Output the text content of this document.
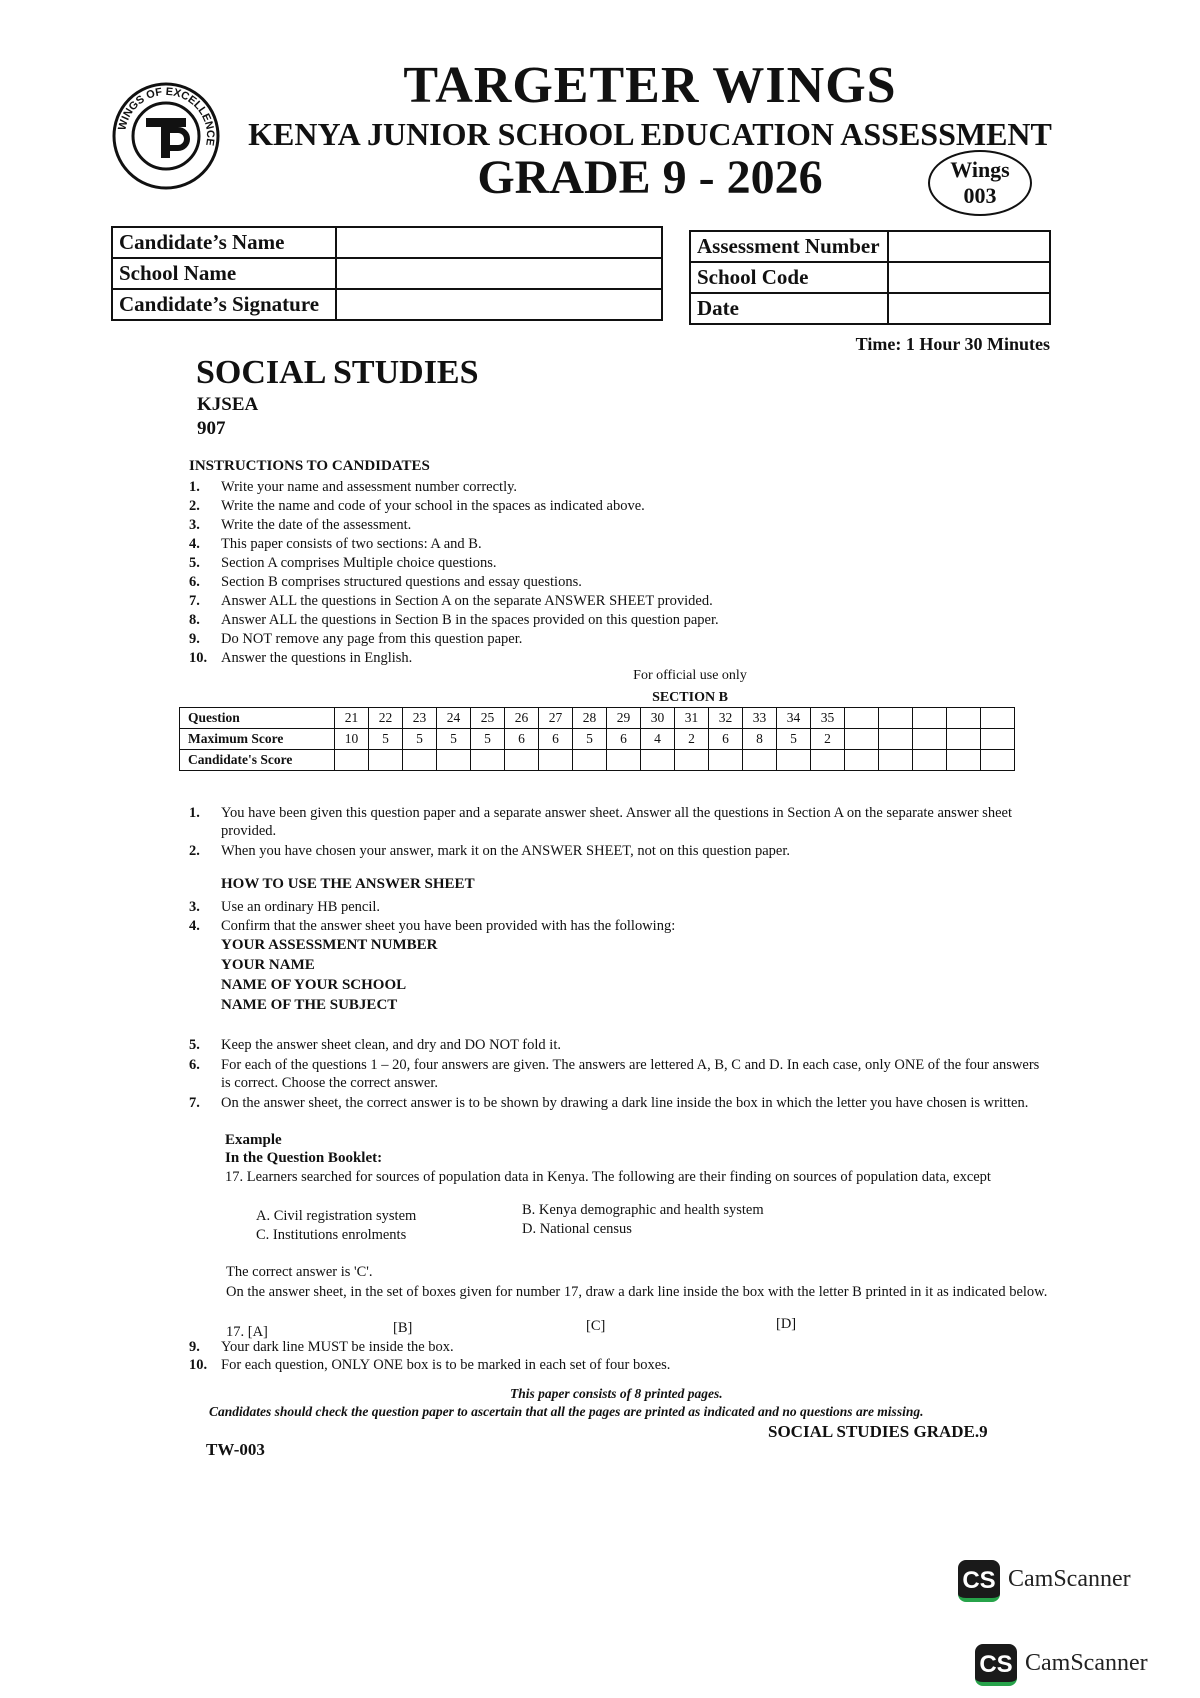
WINGS OF EXCELLENCE
TARGETER WINGS
KENYA JUNIOR SCHOOL EDUCATION ASSESSMENT
GRADE 9 - 2026	Wings
003
Candidate’s Name	
School Name	
Candidate’s Signature	
Assessment Number	
School Code	
Date	
Time: 1 Hour 30 Minutes
SOCIAL STUDIES
KJSEA
907
INSTRUCTIONS TO CANDIDATES
1. Write your name and assessment number correctly.
2. Write the name and code of your school in the spaces as indicated above.
3. Write the date of the assessment.
4. This paper consists of two sections: A and B.
5. Section A comprises Multiple choice questions.
6. Section B comprises structured questions and essay questions.
7. Answer ALL the questions in Section A on the separate ANSWER SHEET provided.
8. Answer ALL the questions in Section B in the spaces provided on this question paper.
9. Do NOT remove any page from this question paper.
10. Answer the questions in English.
For official use only
SECTION B
Question	21	22	23	24	25	26	27	28	29	30	31	32	33	34	35					
Maximum Score	10	5	5	5	5	6	6	5	6	4	2	6	8	5	2					
Candidate's Score																				
1. You have been given this question paper and a separate answer sheet. Answer all the questions in Section A on the separate answer sheet provided.
2. When you have chosen your answer, mark it on the ANSWER SHEET, not on this question paper.
HOW TO USE THE ANSWER SHEET
3. Use an ordinary HB pencil.
4. Confirm that the answer sheet you have been provided with has the following:
YOUR ASSESSMENT NUMBER
YOUR NAME
NAME OF YOUR SCHOOL
NAME OF THE SUBJECT
5. Keep the answer sheet clean, and dry and DO NOT fold it.
6. For each of the questions 1 – 20, four answers are given. The answers are lettered A, B, C and D. In each case, only ONE of the four answers is correct. Choose the correct answer.
7. On the answer sheet, the correct answer is to be shown by drawing a dark line inside the box in which the letter you have chosen is written.
Example
In the Question Booklet:
17. Learners searched for sources of population data in Kenya. The following are their finding on sources of population data, except
A. Civil registration system	B. Kenya demographic and health system
C. Institutions enrolments	D. National census
The correct answer is 'C'.
On the answer sheet, in the set of boxes given for number 17, draw a dark line inside the box with the letter B printed in it as indicated below.
17. [A]	[B]	[C]	[D]
9. Your dark line MUST be inside the box.
10. For each question, ONLY ONE box is to be marked in each set of four boxes.
This paper consists of 8 printed pages.
Candidates should check the question paper to ascertain that all the pages are printed as indicated and no questions are missing.
SOCIAL STUDIES GRADE.9
TW-003
CS CamScanner
CS CamScanner
